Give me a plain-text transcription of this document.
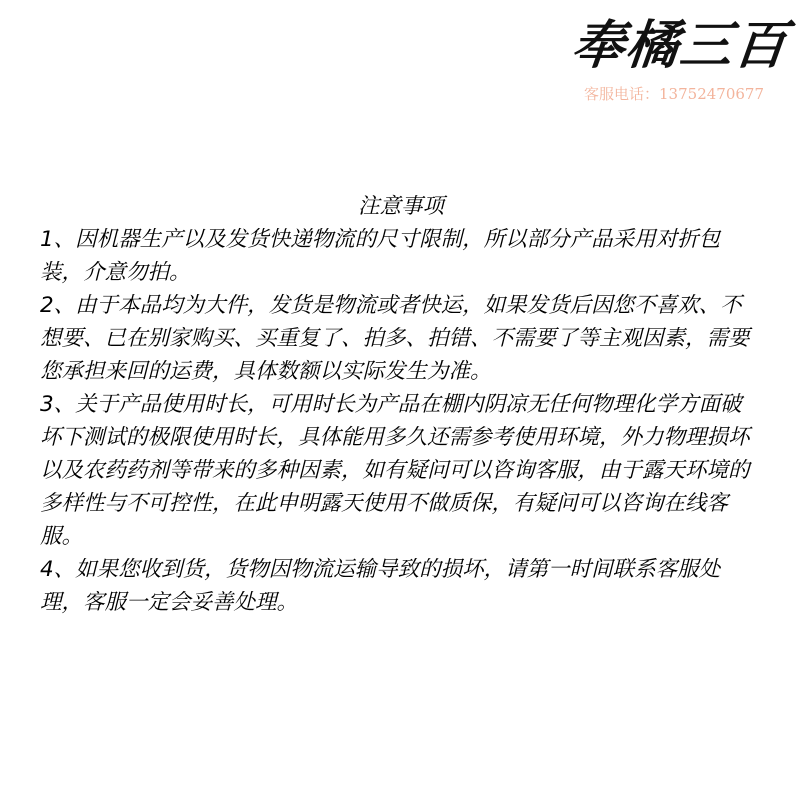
奉橘三百
客服电话：13752470677

注意事项

1、因机器生产以及发货快递物流的尺寸限制，所以部分产品采用对折包装，介意勿拍。

2、由于本品均为大件，发货是物流或者快运，如果发货后因您不喜欢、不想要、已在别家购买、买重复了、拍多、拍错、不需要了等主观因素，需要您承担来回的运费，具体数额以实际发生为准。

3、关于产品使用时长，可用时长为产品在棚内阴凉无任何物理化学方面破坏下测试的极限使用时长，具体能用多久还需参考使用环境，外力物理损坏以及农药药剂等带来的多种因素，如有疑问可以咨询客服，由于露天环境的多样性与不可控性，在此申明露天使用不做质保，有疑问可以咨询在线客服。

4、如果您收到货，货物因物流运输导致的损坏，请第一时间联系客服处理，客服一定会妥善处理。
